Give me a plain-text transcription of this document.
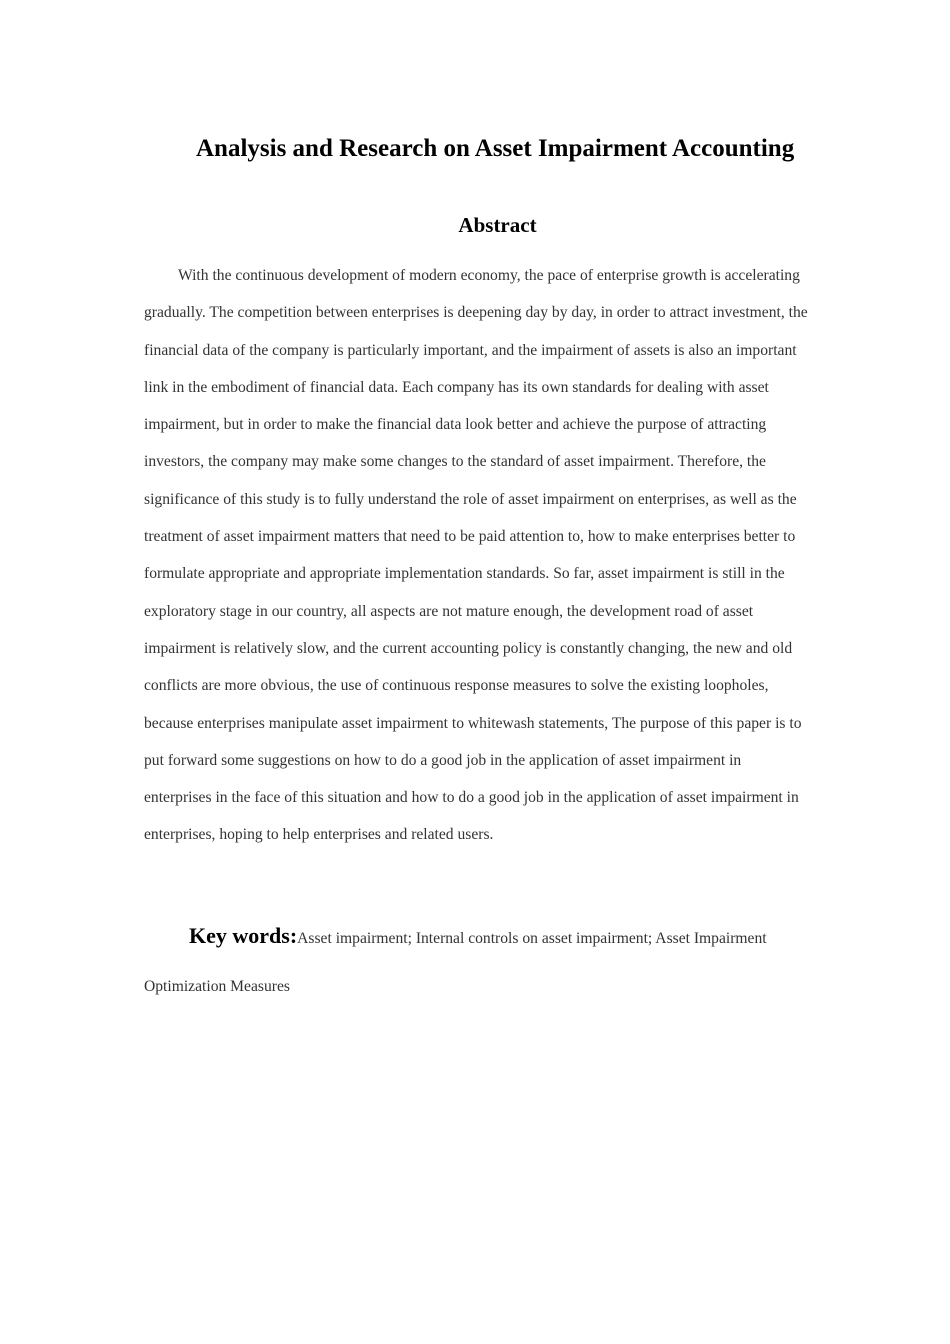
Analysis and Research on Asset Impairment Accounting
Abstract

With the continuous development of modern economy, the pace of enterprise growth is accelerating gradually. The competition between enterprises is deepening day by day, in order to attract investment, the financial data of the company is particularly important, and the impairment of assets is also an important link in the embodiment of financial data. Each company has its own standards for dealing with asset impairment, but in order to make the financial data look better and achieve the purpose of attracting investors, the company may make some changes to the standard of asset impairment. Therefore, the significance of this study is to fully understand the role of asset impairment on enterprises, as well as the treatment of asset impairment matters that need to be paid attention to, how to make enterprises better to formulate appropriate and appropriate implementation standards. So far, asset impairment is still in the exploratory stage in our country, all aspects are not mature enough, the development road of asset impairment is relatively slow, and the current accounting policy is constantly changing, the new and old conflicts are more obvious, the use of continuous response measures to solve the existing loopholes, because enterprises manipulate asset impairment to whitewash statements, The purpose of this paper is to put forward some suggestions on how to do a good job in the application of asset impairment in enterprises in the face of this situation and how to do a good job in the application of asset impairment in enterprises, hoping to help enterprises and related users.

Key words:Asset impairment; Internal controls on asset impairment; Asset Impairment Optimization Measures
